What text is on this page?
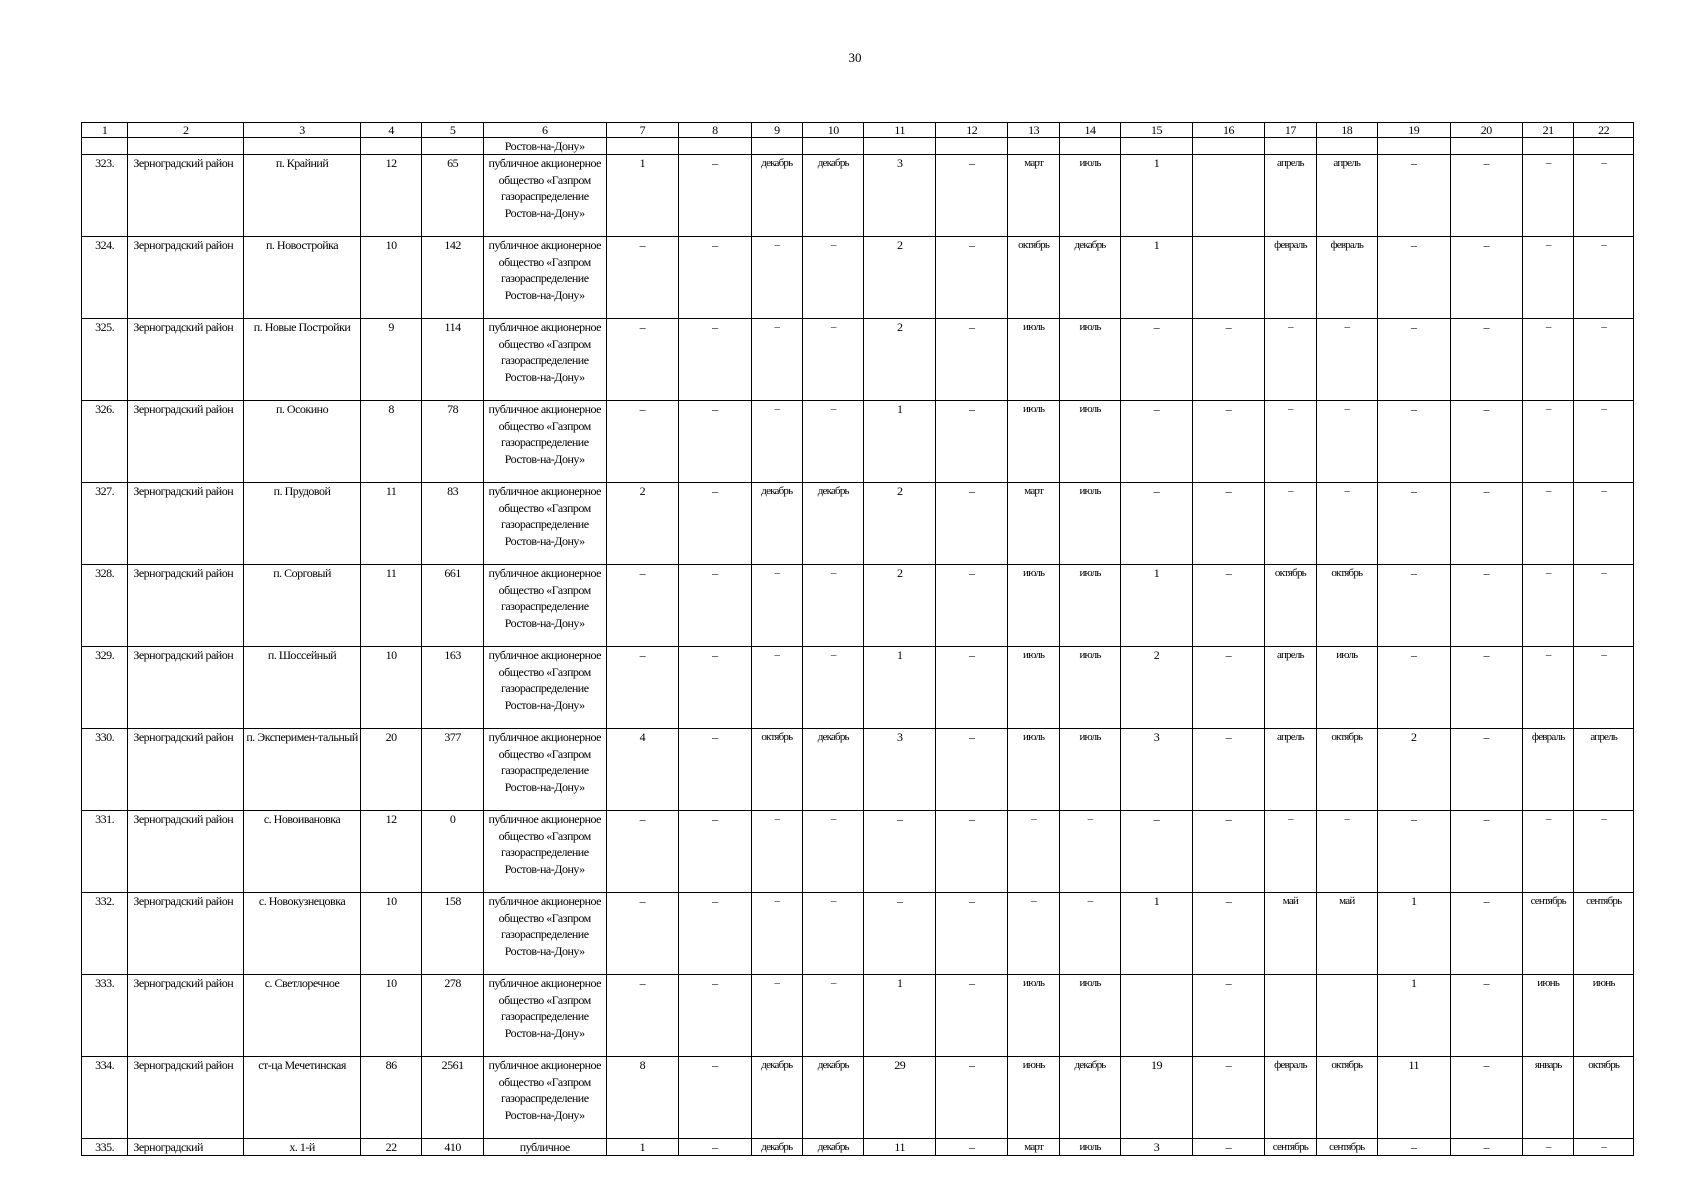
30
1	2	3	4	5	6	7	8	9	10	11	12	13	14	15	16	17	18	19	20	21	22
					Ростов-на-Дону»																
323.	Зерноградский район	п. Крайний	12	65	публичное акционерное общество «Газпром газораспределение Ростов-на-Дону»	1	–	декабрь	декабрь	3	–	март	июль	1		апрель	апрель	–	–	–	–
324.	Зерноградский район	п. Новостройка	10	142	публичное акционерное общество «Газпром газораспределение Ростов-на-Дону»	–	–	–	–	2	–	октябрь	декабрь	1		февраль	февраль	–	–	–	–
325.	Зерноградский район	п. Новые Постройки	9	114	публичное акционерное общество «Газпром газораспределение Ростов-на-Дону»	–	–	–	–	2	–	июль	июль	–	–	–	–	–	–	–	–
326.	Зерноградский район	п. Осокино	8	78	публичное акционерное общество «Газпром газораспределение Ростов-на-Дону»	–	–	–	–	1	–	июль	июль	–	–	–	–	–	–	–	–
327.	Зерноградский район	п. Прудовой	11	83	публичное акционерное общество «Газпром газораспределение Ростов-на-Дону»	2	–	декабрь	декабрь	2	–	март	июль	–	–	–	–	–	–	–	–
328.	Зерноградский район	п. Сорговый	11	661	публичное акционерное общество «Газпром газораспределение Ростов-на-Дону»	–	–	–	–	2	–	июль	июль	1	–	октябрь	октябрь	–	–	–	–
329.	Зерноградский район	п. Шоссейный	10	163	публичное акционерное общество «Газпром газораспределение Ростов-на-Дону»	–	–	–	–	1	–	июль	июль	2	–	апрель	июль	–	–	–	–
330.	Зерноградский район	п. Эксперимен-тальный	20	377	публичное акционерное общество «Газпром газораспределение Ростов-на-Дону»	4	–	октябрь	декабрь	3	–	июль	июль	3	–	апрель	октябрь	2	–	февраль	апрель
331.	Зерноградский район	с. Новоивановка	12	0	публичное акционерное общество «Газпром газораспределение Ростов-на-Дону»	–	–	–	–	–	–	–	–	–	–	–	–	–	–	–	–
332.	Зерноградский район	с. Новокузнецовка	10	158	публичное акционерное общество «Газпром газораспределение Ростов-на-Дону»	–	–	–	–	–	–	–	–	1	–	май	май	1	–	сентябрь	сентябрь
333.	Зерноградский район	с. Светлоречное	10	278	публичное акционерное общество «Газпром газораспределение Ростов-на-Дону»	–	–	–	–	1	–	июль	июль		–			1	–	июнь	июнь
334.	Зерноградский район	ст-ца Мечетинская	86	2561	публичное акционерное общество «Газпром газораспределение Ростов-на-Дону»	8	–	декабрь	декабрь	29	–	июнь	декабрь	19	–	февраль	октябрь	11	–	январь	октябрь
335.	Зерноградский	х. 1-й	22	410	публичное	1	–	декабрь	декабрь	11	–	март	июль	3	–	сентябрь	сентябрь	–	–	–	–
